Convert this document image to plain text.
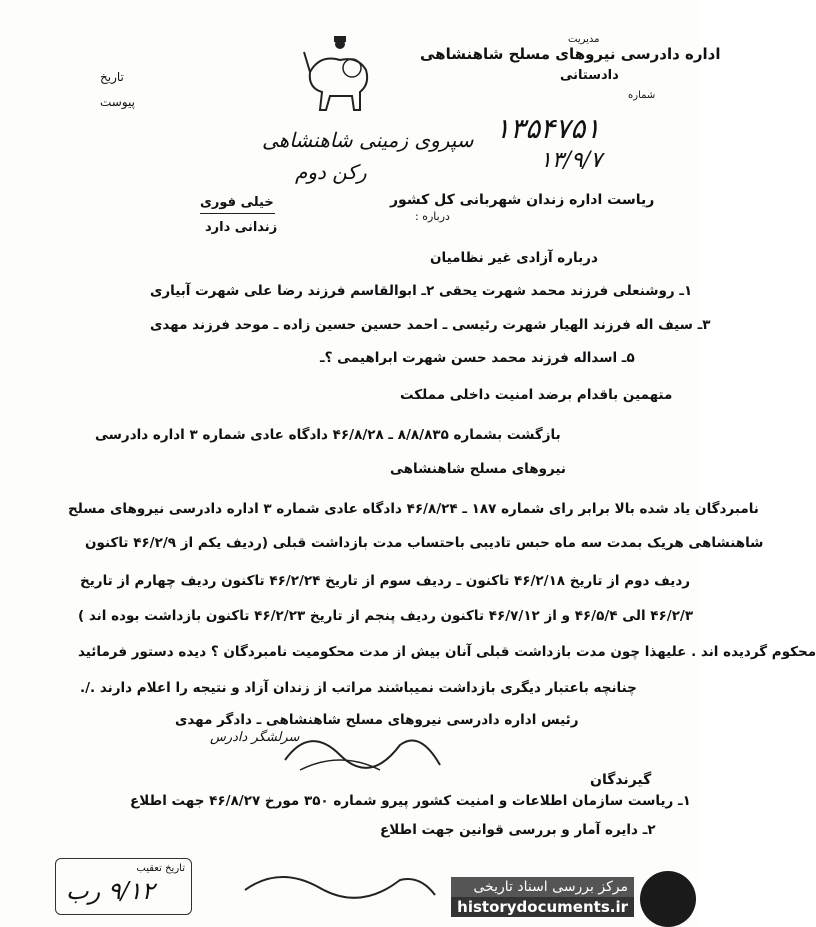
تاریخ
پیوست
سپروی زمینی شاهنشاهی
رکن دوم
مدیریت
اداره دادرسی نیروهای مسلح شاهنشاهی
دادستانی
شماره
۱۳۵۴۷۵۱
۱۳/۹/۷
خیلی فوری
زندانی دارد
ریاست اداره زندان شهربانی کل کشور
درباره :
درباره آزادی غیر نظامیان
۱ـ روشنعلی فرزند محمد شهرت یحقی ۲ـ ابوالقاسم فرزند رضا علی شهرت آبیاری
۳ـ سیف اله فرزند الهیار شهرت رئیسی ـ احمد حسین حسین زاده ـ موحد فرزند مهدی
۵ـ اسداله فرزند محمد حسن شهرت ابراهیمی ؟ـ
متهمین باقدام برضد امنیت داخلی مملکت
بازگشت بشماره ۸/۸/۸۳۵ ـ ۴۶/۸/۲۸ دادگاه عادی شماره ۳ اداره دادرسی
نیروهای مسلح شاهنشاهی
نامبردگان یاد شده بالا برابر رای شماره ۱۸۷ ـ ۴۶/۸/۲۴ دادگاه عادی شماره ۳ اداره دادرسی نیروهای مسلح
شاهنشاهی هریک بمدت سه ماه حبس تادیبی باحتساب مدت بازداشت قبلی (ردیف یکم از ۴۶/۲/۹ تاکنون
ردیف دوم از تاریخ ۴۶/۲/۱۸ تاکنون ـ ردیف سوم از تاریخ ۴۶/۲/۲۴ تاکنون ردیف چهارم از تاریخ
۴۶/۲/۳ الی ۴۶/۵/۴ و از ۴۶/۷/۱۲ تاکنون ردیف پنجم از تاریخ ۴۶/۲/۲۳ تاکنون بازداشت بوده اند )
محکوم گردیده اند . علیهذا چون مدت بازداشت قبلی آنان بیش از مدت محکومیت نامبردگان ؟ دیده دستور فرمائید
چنانچه باعتبار دیگری بازداشت نمیباشند مراتب از زندان آزاد و نتیجه را اعلام دارند ./.
رئیس اداره دادرسی نیروهای مسلح شاهنشاهی ـ دادگر مهدی
سرلشگر دادرس
گیرندگان
۱ـ ریاست سازمان اطلاعات و امنیت کشور پیرو شماره ۳۵۰ مورخ ۴۶/۸/۲۷ جهت اطلاع
۲ـ دایره آمار و بررسی قوانین جهت اطلاع
تاریخ تعقیب
۹/۱۲ رب	مرکز بررسی اسناد تاریخی
historydocuments.ir
